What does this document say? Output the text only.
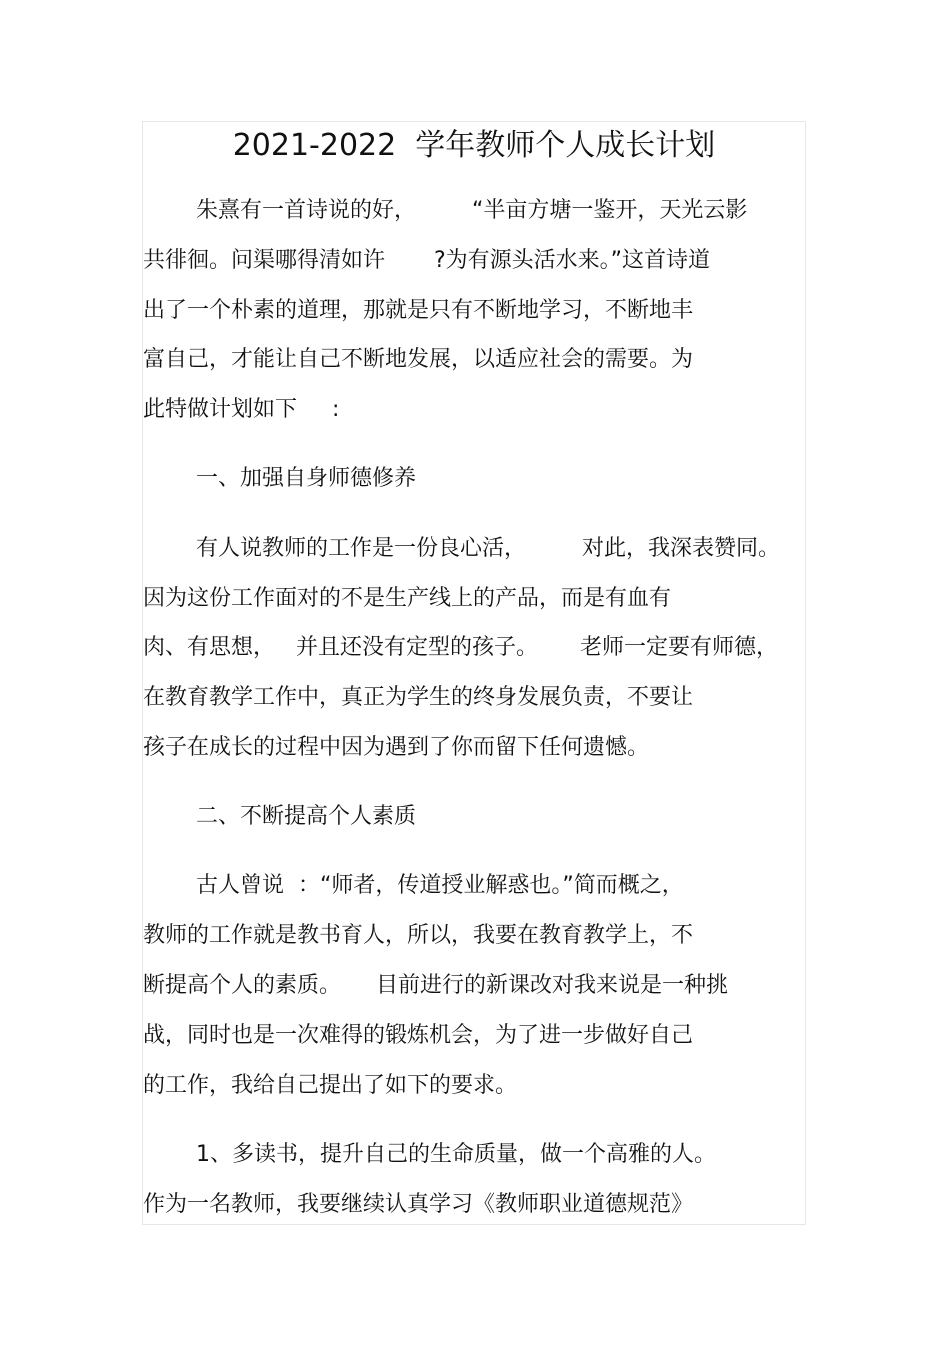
2021-2022  学年教师个人成长计划
朱熹有一首诗说的好，        “半亩方塘一鉴开，天光云影
共徘徊。问渠哪得清如许       ?为有源头活水来。”这首诗道
出了一个朴素的道理，那就是只有不断地学习，不断地丰
富自己，才能让自己不断地发展，以适应社会的需要。为
此特做计划如下     :
一、加强自身师德修养
有人说教师的工作是一份良心活，        对此，我深表赞同。
因为这份工作面对的不是生产线上的产品，而是有血有
肉、有思想，   并且还没有定型的孩子。      老师一定要有师德，
在教育教学工作中，真正为学生的终身发展负责，不要让
孩子在成长的过程中因为遇到了你而留下任何遗憾。
二、不断提高个人素质
古人曾说  ：“师者，传道授业解惑也。”简而概之，
教师的工作就是教书育人，所以，我要在教育教学上，不
断提高个人的素质。     目前进行的新课改对我来说是一种挑
战，同时也是一次难得的锻炼机会，为了进一步做好自己
的工作，我给自己提出了如下的要求。
1、多读书，提升自己的生命质量，做一个高雅的人。
作为一名教师，我要继续认真学习《教师职业道德规范》
